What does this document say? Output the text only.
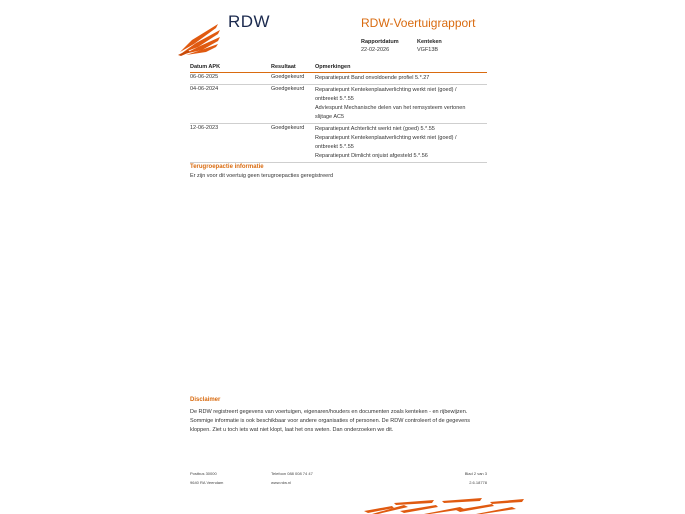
RDW	RDW-Voertuigrapport
Rapportdatum
22-02-2026
Kenteken
VGF13B
Datum APK	Resultaat	Opmerkingen
06-06-2025	Goedgekeurd Reparatiepunt Band onvoldoende profiel 5.*.27
04-06-2024	Goedgekeurd Reparatiepunt Kentekenplaatverlichting werkt niet (goed) /
ontbreekt 5.*.55
Advíespunt Mechanische delen van het remsysteem vertonen
slijtage AC5
12-06-2023	Goedgekeurd Reparatiepunt Achterlicht werkt niet (goed) 5.*.55
Reparatiepunt Kentekenplaatverlichting werkt niet (goed) /
ontbreekt 5.*.55
Reparatiepunt Dimlicht onjuist afgesteld 5.*.56
Terugroepactie informatie
Er zijn voor dit voertuig geen terugroepacties geregistreerd
Disclaimer
De RDW registreert gegevens van voertuigen, eigenaren/houders en documenten zoals kenteken - en rijbewijzen.
Sommige informatie is ook beschikbaar voor andere organisaties of personen. De RDW controleert of de gegevens
kloppen. Ziet u toch iets wat niet klopt, laat het ons weten. Dan onderzoeken we dit.
Postbus 30000
9640 RA Veendam
Telefoon 088 008 74 47
www.rdw.nl
Blad 2 van 3
2.6.18778
